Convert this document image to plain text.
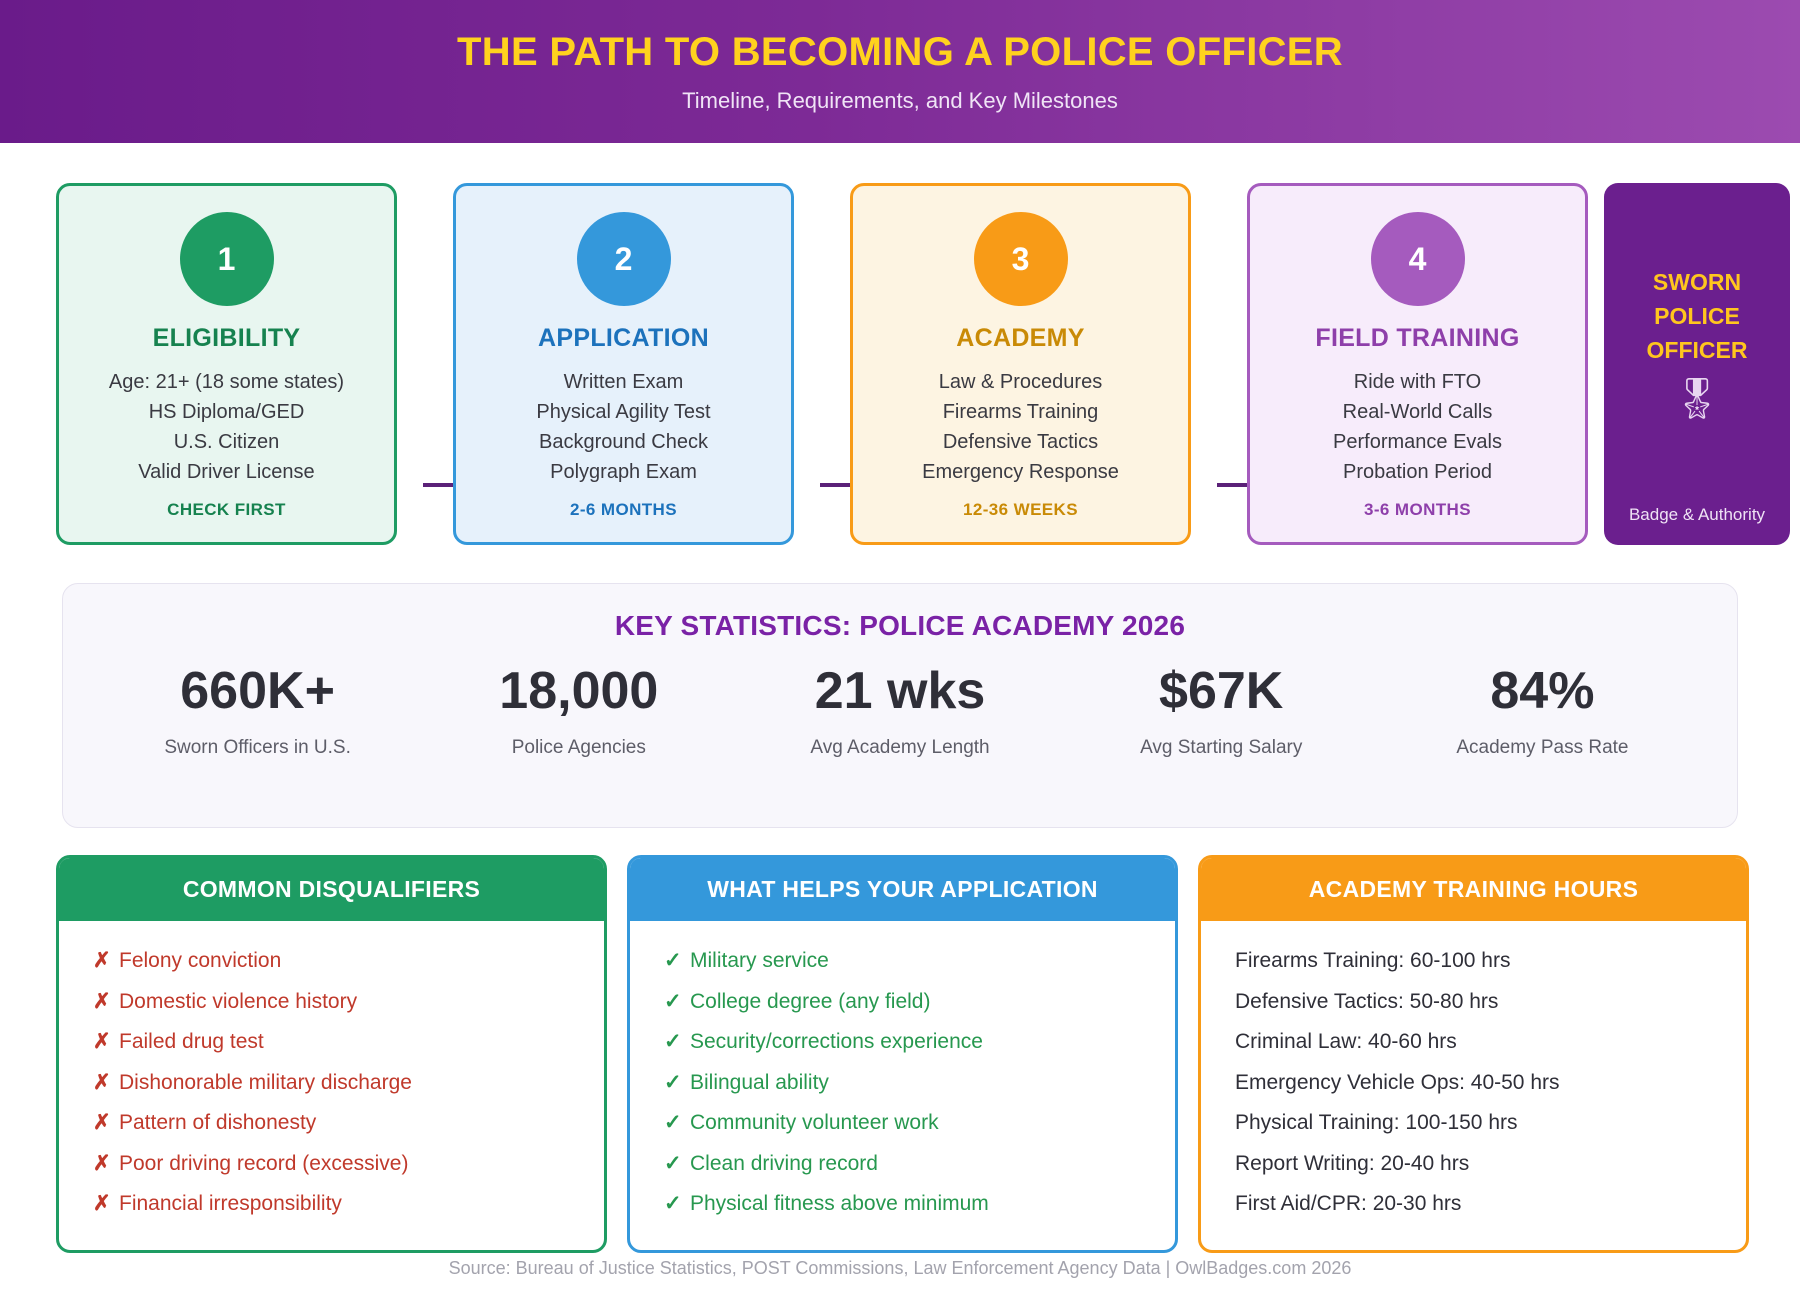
THE PATH TO BECOMING A POLICE OFFICER
Timeline, Requirements, and Key Milestones
1
ELIGIBILITY
Age: 21+ (18 some states)
HS Diploma/GED
U.S. Citizen
Valid Driver License
CHECK FIRST
2
APPLICATION
Written Exam
Physical Agility Test
Background Check
Polygraph Exam
2-6 MONTHS
3
ACADEMY
Law & Procedures
Firearms Training
Defensive Tactics
Emergency Response
12-36 WEEKS
4
FIELD TRAINING
Ride with FTO
Real-World Calls
Performance Evals
Probation Period
3-6 MONTHS
SWORN
POLICE
OFFICER
🎖
Badge & Authority
KEY STATISTICS: POLICE ACADEMY 2026
660K+
Sworn Officers in U.S.
18,000
Police Agencies
21 wks
Avg Academy Length
$67K
Avg Starting Salary
84%
Academy Pass Rate
COMMON DISQUALIFIERS
✗ Felony conviction
✗ Domestic violence history
✗ Failed drug test
✗ Dishonorable military discharge
✗ Pattern of dishonesty
✗ Poor driving record (excessive)
✗ Financial irresponsibility
WHAT HELPS YOUR APPLICATION
✓ Military service
✓ College degree (any field)
✓ Security/corrections experience
✓ Bilingual ability
✓ Community volunteer work
✓ Clean driving record
✓ Physical fitness above minimum
ACADEMY TRAINING HOURS
Firearms Training: 60-100 hrs
Defensive Tactics: 50-80 hrs
Criminal Law: 40-60 hrs
Emergency Vehicle Ops: 40-50 hrs
Physical Training: 100-150 hrs
Report Writing: 20-40 hrs
First Aid/CPR: 20-30 hrs
Source: Bureau of Justice Statistics, POST Commissions, Law Enforcement Agency Data | OwlBadges.com 2026
